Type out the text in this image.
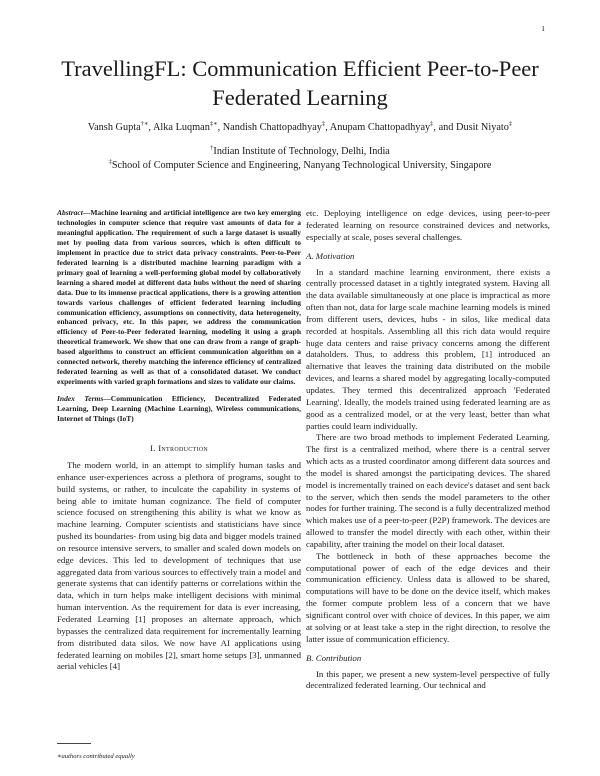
1
TravellingFL: Communication Efficient Peer-to-Peer Federated Learning
Vansh Gupta†∗, Alka Luqman‡∗, Nandish Chattopadhyay‡, Anupam Chattopadhyay‡, and Dusit Niyato‡
†Indian Institute of Technology, Delhi, India
‡School of Computer Science and Engineering, Nanyang Technological University, Singapore

Abstract—Machine learning and artificial intelligence are two key emerging technologies in computer science that require vast amounts of data for a meaningful application. The requirement of such a large dataset is usually met by pooling data from various sources, which is often difficult to implement in practice due to strict data privacy constraints. Peer-to-Peer federated learning is a distributed machine learning paradigm with a primary goal of learning a well-performing global model by collaboratively learning a shared model at different data hubs without the need of sharing data. Due to its immense practical applications, there is a growing attention towards various challenges of efficient federated learning including communication efficiency, assumptions on connectivity, data heterogeneity, enhanced privacy, etc. In this paper, we address the communication efficiency of Peer-to-Peer federated learning, modeling it using a graph theoretical framework. We show that one can draw from a range of graph-based algorithms to construct an efficient communication algorithm on a connected network, thereby matching the inference efficiency of centralized federated learning as well as that of a consolidated dataset. We conduct experiments with varied graph formations and sizes to validate our claims.

Index Terms—Communication Efficiency, Decentralized Federated Learning, Deep Learning (Machine Learning), Wireless communications, Internet of Things (IoT)

I. Introduction

The modern world, in an attempt to simplify human tasks and enhance user-experiences across a plethora of programs, sought to build systems, or rather, to inculcate the capability in systems of being able to imitate human cognizance. The field of computer science focused on strengthening this ability is what we know as machine learning. Computer scientists and statisticians have since pushed its boundaries- from using big data and bigger models trained on resource intensive servers, to smaller and scaled down models on edge devices. This led to development of techniques that use aggregated data from various sources to effectively train a model and generate systems that can identify patterns or correlations within the data, which in turn helps make intelligent decisions with minimal human intervention. As the requirement for data is ever increasing, Federated Learning [1] proposes an alternate approach, which bypasses the centralized data requirement for incrementally learning from distributed data silos. We now have AI applications using federated learning on mobiles [2], smart home setups [3], unmanned aerial vehicles [4]

etc. Deploying intelligence on edge devices, using peer-to-peer federated learning on resource constrained devices and networks, especially at scale, poses several challenges.

A. Motivation

In a standard machine learning environment, there exists a centrally processed dataset in a tightly integrated system. Having all the data available simultaneously at one place is impractical as more often than not, data for large scale machine learning models is mined from different users, devices, hubs - in silos, like medical data recorded at hospitals. Assembling all this rich data would require huge data centers and raise privacy concerns among the different dataholders. Thus, to address this problem, [1] introduced an alternative that leaves the training data distributed on the mobile devices, and learns a shared model by aggregating locally-computed updates. They termed this decentralized approach 'Federated Learning'. Ideally, the models trained using federated learning are as good as a centralized model, or at the very least, better than what parties could learn individually.

There are two broad methods to implement Federated Learning. The first is a centralized method, where there is a central server which acts as a trusted coordinator among different data sources and the model is shared amongst the participating devices. The shared model is incrementally trained on each device's dataset and sent back to the server, which then sends the model parameters to the other nodes for further training. The second is a fully decentralized method which makes use of a peer-to-peer (P2P) framework. The devices are allowed to transfer the model directly with each other, within their capability, after training the model on their local dataset.

The bottleneck in both of these approaches become the computational power of each of the edge devices and their communication efficiency. Unless data is allowed to be shared, computations will have to be done on the device itself, which makes the former compute problem less of a concern that we have significant control over with choice of devices. In this paper, we aim at solving or at least take a step in the right direction, to resolve the latter issue of communication efficiency.

B. Contribution

In this paper, we present a new system-level perspective of fully decentralized federated learning. Our technical and

∗authors contributed equally
